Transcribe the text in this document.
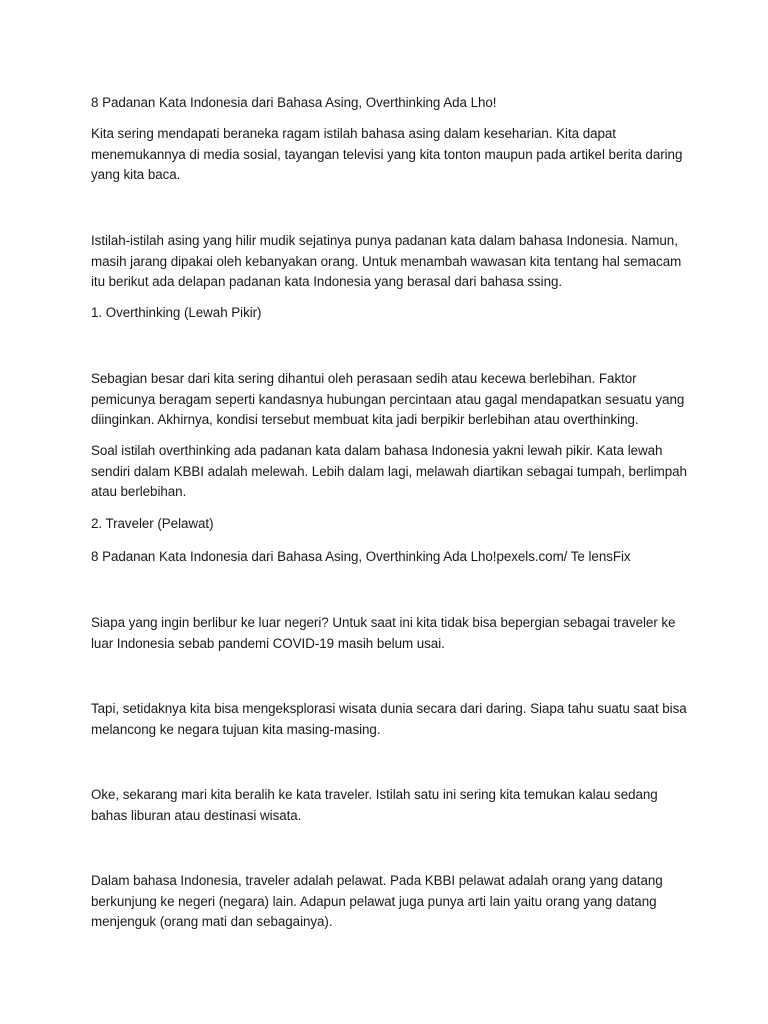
8 Padanan Kata Indonesia dari Bahasa Asing, Overthinking Ada Lho!

Kita sering mendapati beraneka ragam istilah bahasa asing dalam keseharian. Kita dapat menemukannya di media sosial, tayangan televisi yang kita tonton maupun pada artikel berita daring yang kita baca.

Istilah-istilah asing yang hilir mudik sejatinya punya padanan kata dalam bahasa Indonesia. Namun, masih jarang dipakai oleh kebanyakan orang. Untuk menambah wawasan kita tentang hal semacam itu berikut ada delapan padanan kata Indonesia yang berasal dari bahasa ssing.

1. Overthinking (Lewah Pikir)

Sebagian besar dari kita sering dihantui oleh perasaan sedih atau kecewa berlebihan. Faktor pemicunya beragam seperti kandasnya hubungan percintaan atau gagal mendapatkan sesuatu yang diinginkan. Akhirnya, kondisi tersebut membuat kita jadi berpikir berlebihan atau overthinking.

Soal istilah overthinking ada padanan kata dalam bahasa Indonesia yakni lewah pikir. Kata lewah sendiri dalam KBBI adalah melewah. Lebih dalam lagi, melawah diartikan sebagai tumpah, berlimpah atau berlebihan.

2. Traveler (Pelawat)

8 Padanan Kata Indonesia dari Bahasa Asing, Overthinking Ada Lho!pexels.com/ Te lensFix

Siapa yang ingin berlibur ke luar negeri? Untuk saat ini kita tidak bisa bepergian sebagai traveler ke luar Indonesia sebab pandemi COVID-19 masih belum usai.

Tapi, setidaknya kita bisa mengeksplorasi wisata dunia secara dari daring. Siapa tahu suatu saat bisa melancong ke negara tujuan kita masing-masing.

Oke, sekarang mari kita beralih ke kata traveler. Istilah satu ini sering kita temukan kalau sedang bahas liburan atau destinasi wisata.

Dalam bahasa Indonesia, traveler adalah pelawat. Pada KBBI pelawat adalah orang yang datang berkunjung ke negeri (negara) lain. Adapun pelawat juga punya arti lain yaitu orang yang datang menjenguk (orang mati dan sebagainya).
